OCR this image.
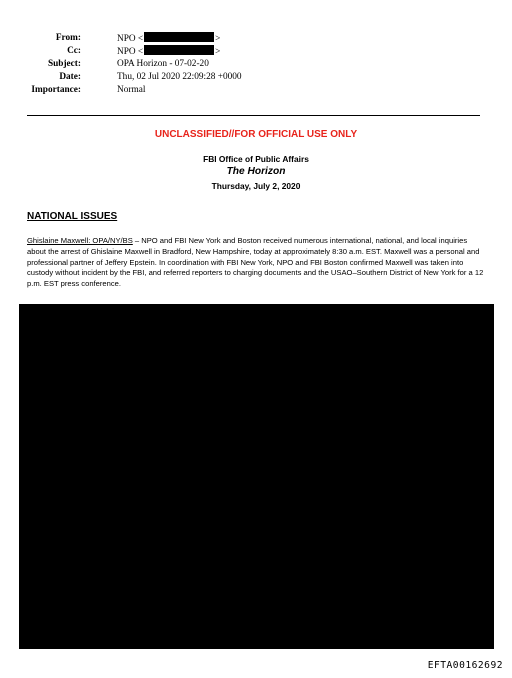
From:	NPO <	>
Cc:	NPO <	>
Subject:	OPA Horizon - 07-02-20
Date:	Thu, 02 Jul 2020 22:09:28 +0000
Importance:	Normal
UNCLASSIFIED//FOR OFFICIAL USE ONLY
FBI Office of Public Affairs
The Horizon
Thursday, July 2, 2020
NATIONAL ISSUES
Ghislaine Maxwell: OPA/NY/BS – NPO and FBI New York and Boston received numerous international, national, and local inquiries about the arrest of Ghislaine Maxwell in Bradford, New Hampshire, today at approximately 8:30 a.m. EST. Maxwell was a personal and professional partner of Jeffery Epstein. In coordination with FBI New York, NPO and FBI Boston confirmed Maxwell was taken into custody without incident by the FBI, and referred reporters to charging documents and the USAO–Southern District of New York for a 12 p.m. EST press conference.
EFTA00162692
